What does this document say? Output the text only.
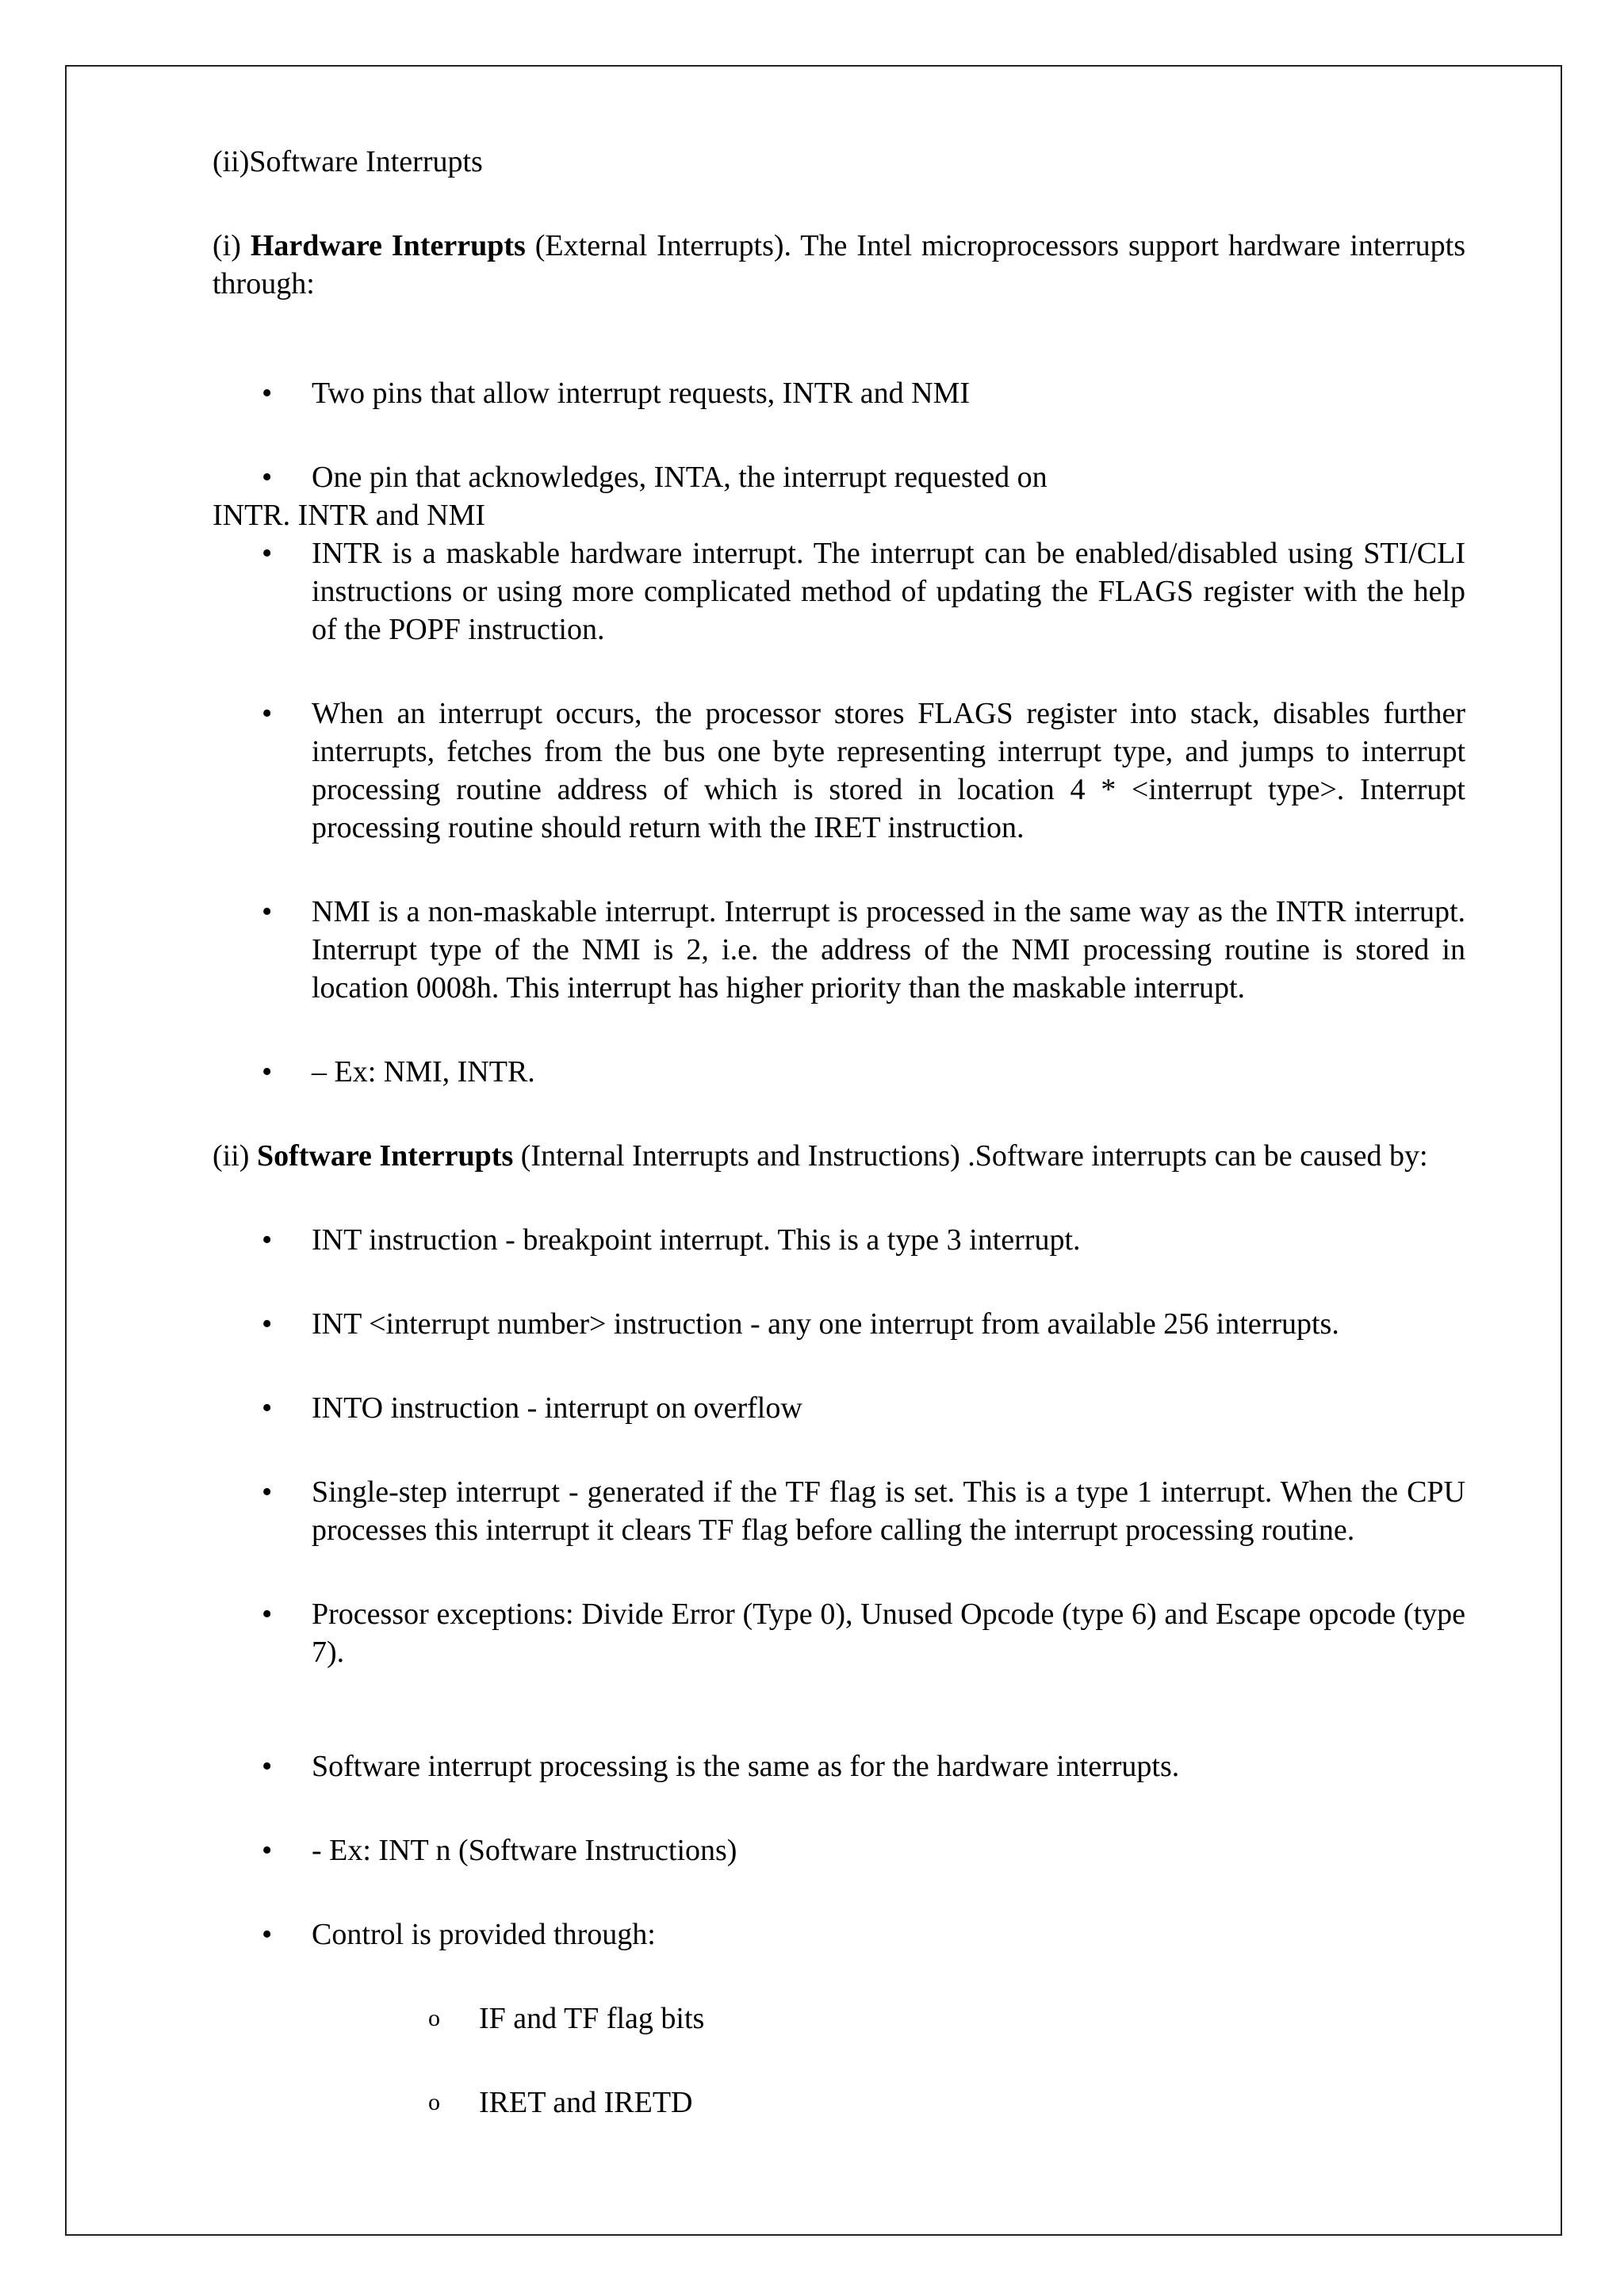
(ii)Software Interrupts

(i) Hardware Interrupts (External Interrupts). The Intel microprocessors support hardware interrupts through:

• Two pins that allow interrupt requests, INTR and NMI
• One pin that acknowledges, INTA, the interrupt requested on

INTR. INTR and NMI

• INTR is a maskable hardware interrupt. The interrupt can be enabled/disabled using STI/CLI instructions or using more complicated method of updating the FLAGS register with the help of the POPF instruction.
• When an interrupt occurs, the processor stores FLAGS register into stack, disables further interrupts, fetches from the bus one byte representing interrupt type, and jumps to interrupt processing routine address of which is stored in location 4 * <interrupt type>. Interrupt processing routine should return with the IRET instruction.
• NMI is a non-maskable interrupt. Interrupt is processed in the same way as the INTR interrupt. Interrupt type of the NMI is 2, i.e. the address of the NMI processing routine is stored in location 0008h. This interrupt has higher priority than the maskable interrupt.
• – Ex: NMI, INTR.

(ii) Software Interrupts (Internal Interrupts and Instructions) .Software interrupts can be caused by:

• INT instruction - breakpoint interrupt. This is a type 3 interrupt.
• INT <interrupt number> instruction - any one interrupt from available 256 interrupts.
• INTO instruction - interrupt on overflow
• Single-step interrupt - generated if the TF flag is set. This is a type 1 interrupt. When the CPU processes this interrupt it clears TF flag before calling the interrupt processing routine.
• Processor exceptions: Divide Error (Type 0), Unused Opcode (type 6) and Escape opcode (type 7).
• Software interrupt processing is the same as for the hardware interrupts.
• - Ex: INT n (Software Instructions)
• Control is provided through:
o IF and TF flag bits
o IRET and IRETD
